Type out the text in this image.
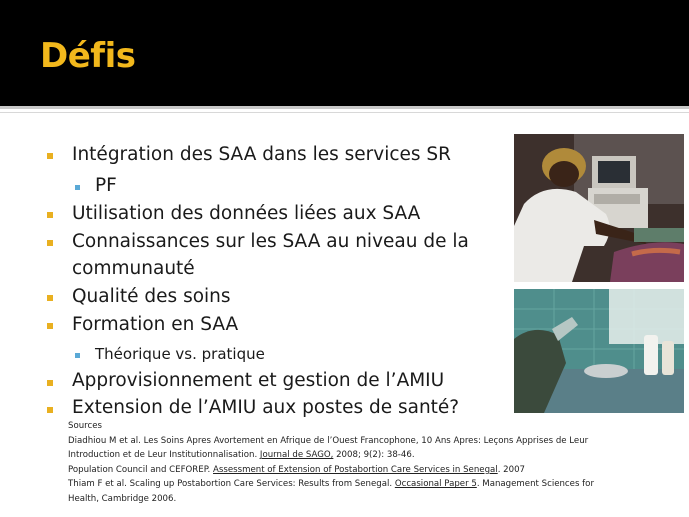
Défis
Intégration des SAA dans les services SR
PF
Utilisation des données liées aux SAA
Connaissances sur les SAA au niveau de la
communauté
Qualité des soins
Formation en SAA
Théorique vs. pratique
Approvisionnement et gestion de l’AMIU
Extension de l’AMIU aux postes de santé?
Sources
Diadhiou M et al. Les Soins Apres Avortement en Afrique de l’Ouest Francophone, 10 Ans Apres: Leçons Apprises de Leur
Introduction et de Leur Institutionnalisation. Journal de SAGO, 2008; 9(2): 38-46.
Population Council and CEFOREP. Assessment of Extension of Postabortion Care Services in Senegal. 2007
Thiam F et al. Scaling up Postabortion Care Services: Results from Senegal. Occasional Paper 5. Management Sciences for
Health, Cambridge 2006.
